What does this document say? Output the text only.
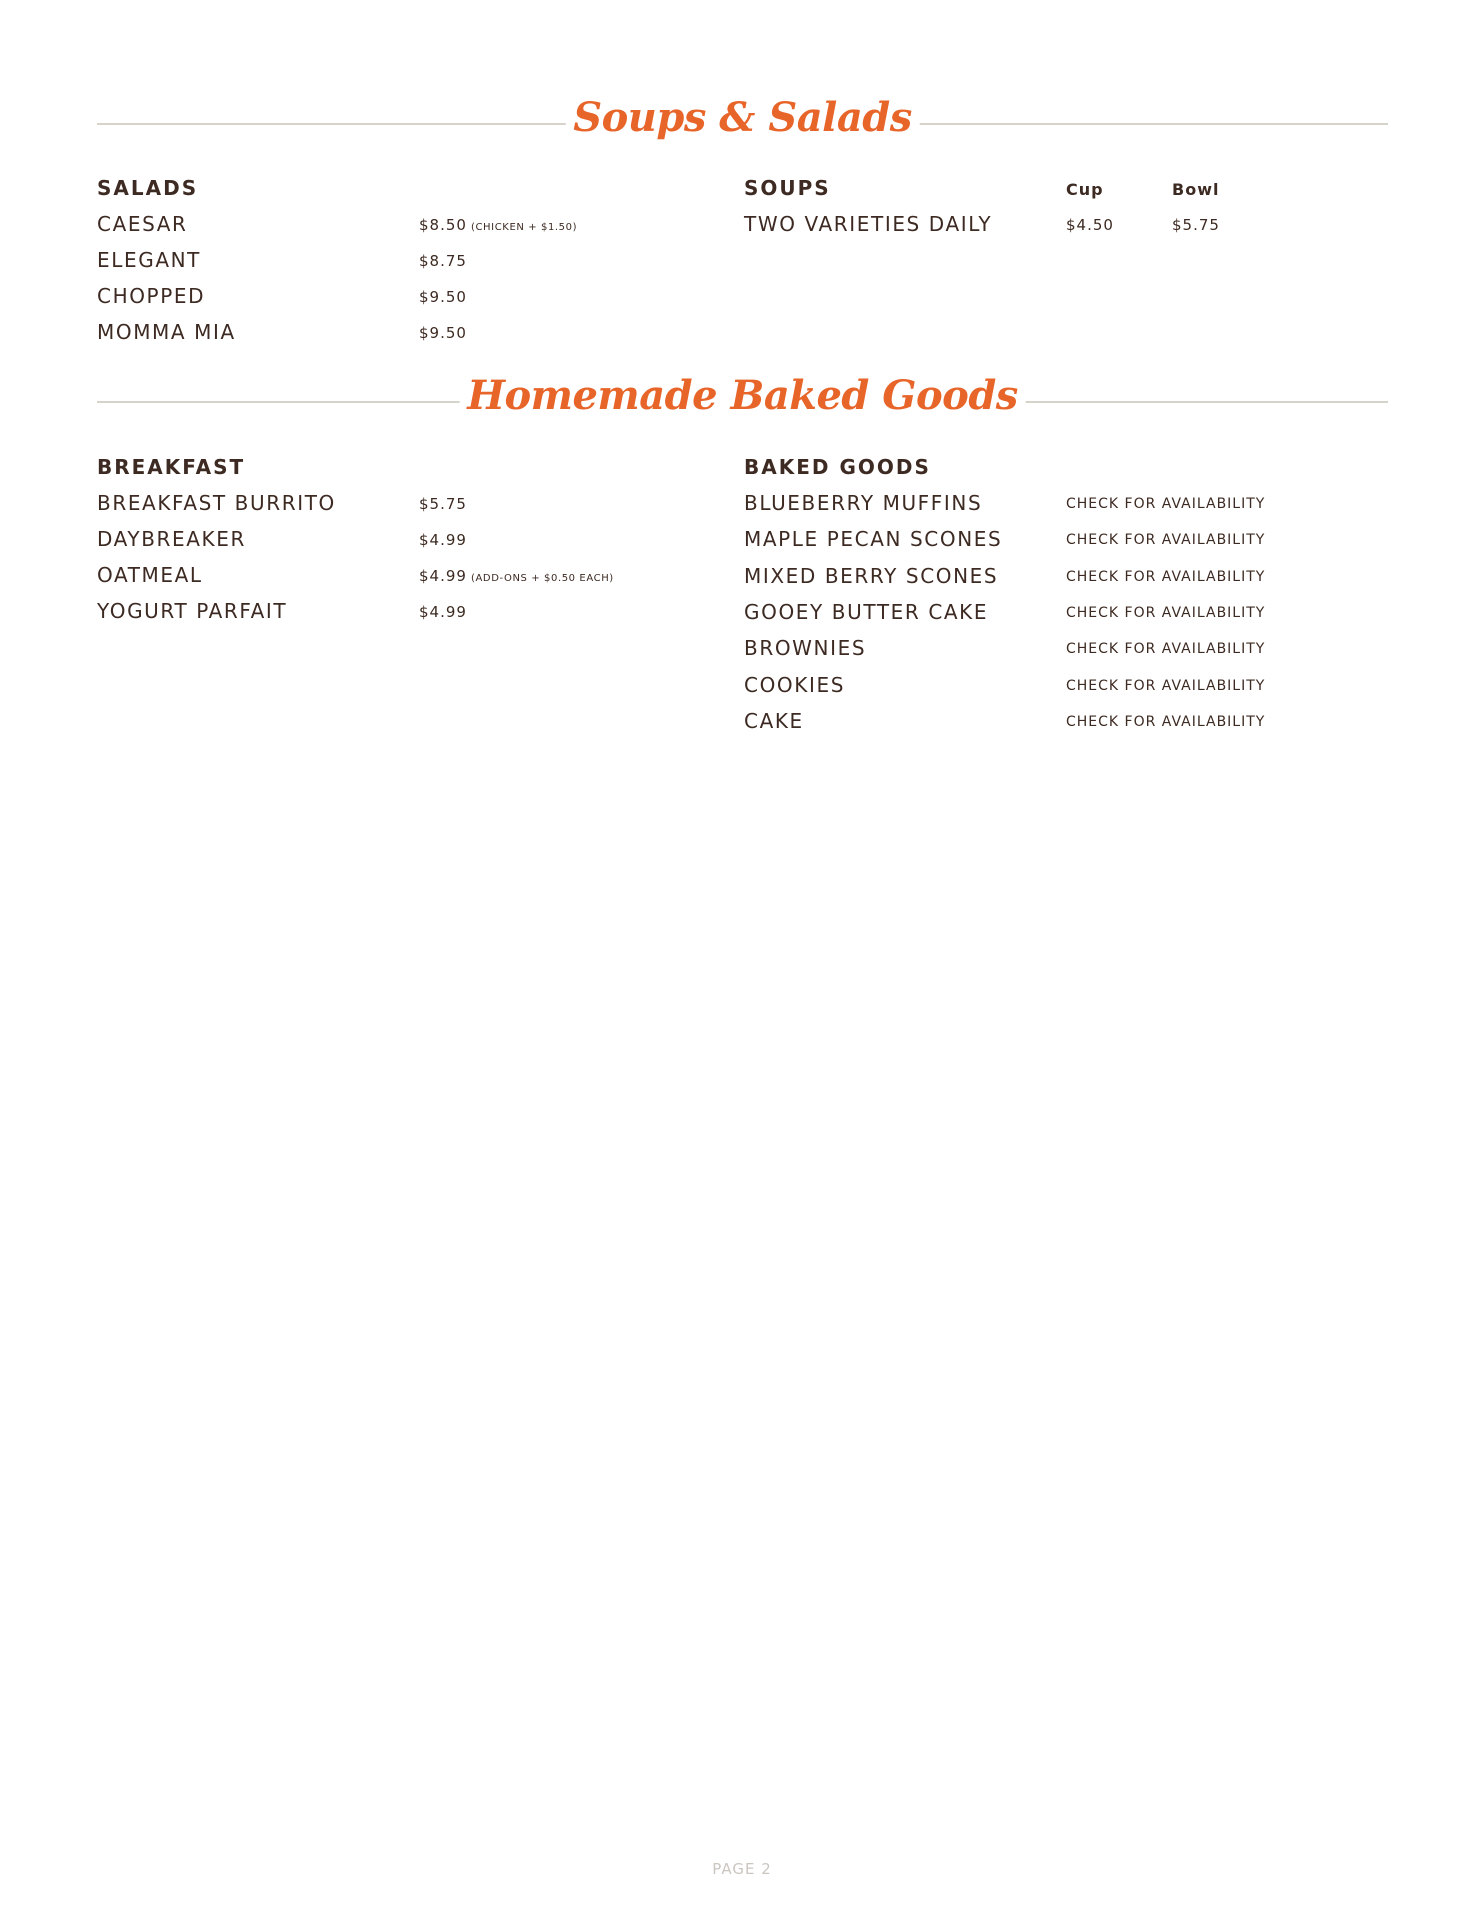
Soups & Salads
SALADS
CAESAR	$8.50 (CHICKEN + $1.50)
ELEGANT	$8.75
CHOPPED	$9.50
MOMMA MIA	$9.50
SOUPS	Cup	Bowl
TWO VARIETIES DAILY	$4.50	$5.75
Homemade Baked Goods
BREAKFAST
BREAKFAST BURRITO	$5.75
DAYBREAKER	$4.99
OATMEAL	$4.99 (ADD-ONS + $0.50 EACH)
YOGURT PARFAIT	$4.99
BAKED GOODS
BLUEBERRY MUFFINS	CHECK FOR AVAILABILITY
MAPLE PECAN SCONES	CHECK FOR AVAILABILITY
MIXED BERRY SCONES	CHECK FOR AVAILABILITY
GOOEY BUTTER CAKE	CHECK FOR AVAILABILITY
BROWNIES	CHECK FOR AVAILABILITY
COOKIES	CHECK FOR AVAILABILITY
CAKE	CHECK FOR AVAILABILITY
PAGE 2
